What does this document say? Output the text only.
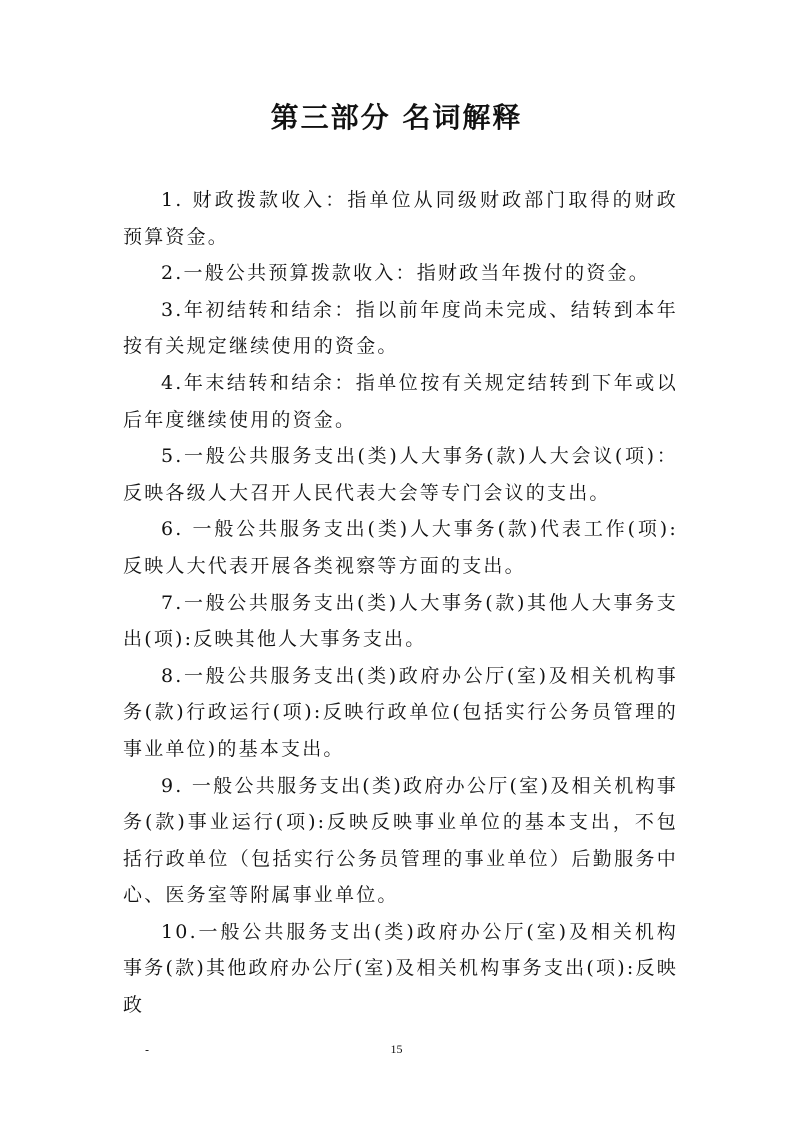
第三部分 名词解释

1. 财政拨款收入：指单位从同级财政部门取得的财政预算资金。

2.一般公共预算拨款收入：指财政当年拨付的资金。

3.年初结转和结余：指以前年度尚未完成、结转到本年按有关规定继续使用的资金。

4.年末结转和结余：指单位按有关规定结转到下年或以后年度继续使用的资金。

5.一般公共服务支出(类)人大事务(款)人大会议(项)：反映各级人大召开人民代表大会等专门会议的支出。

6. 一般公共服务支出(类)人大事务(款)代表工作(项):反映人大代表开展各类视察等方面的支出。

7.一般公共服务支出(类)人大事务(款)其他人大事务支出(项):反映其他人大事务支出。

8.一般公共服务支出(类)政府办公厅(室)及相关机构事务(款)行政运行(项):反映行政单位(包括实行公务员管理的事业单位)的基本支出。

9. 一般公共服务支出(类)政府办公厅(室)及相关机构事务(款)事业运行(项):反映反映事业单位的基本支出，不包括行政单位（包括实行公务员管理的事业单位）后勤服务中心、医务室等附属事业单位。

10.一般公共服务支出(类)政府办公厅(室)及相关机构事务(款)其他政府办公厅(室)及相关机构事务支出(项):反映政

-	15
